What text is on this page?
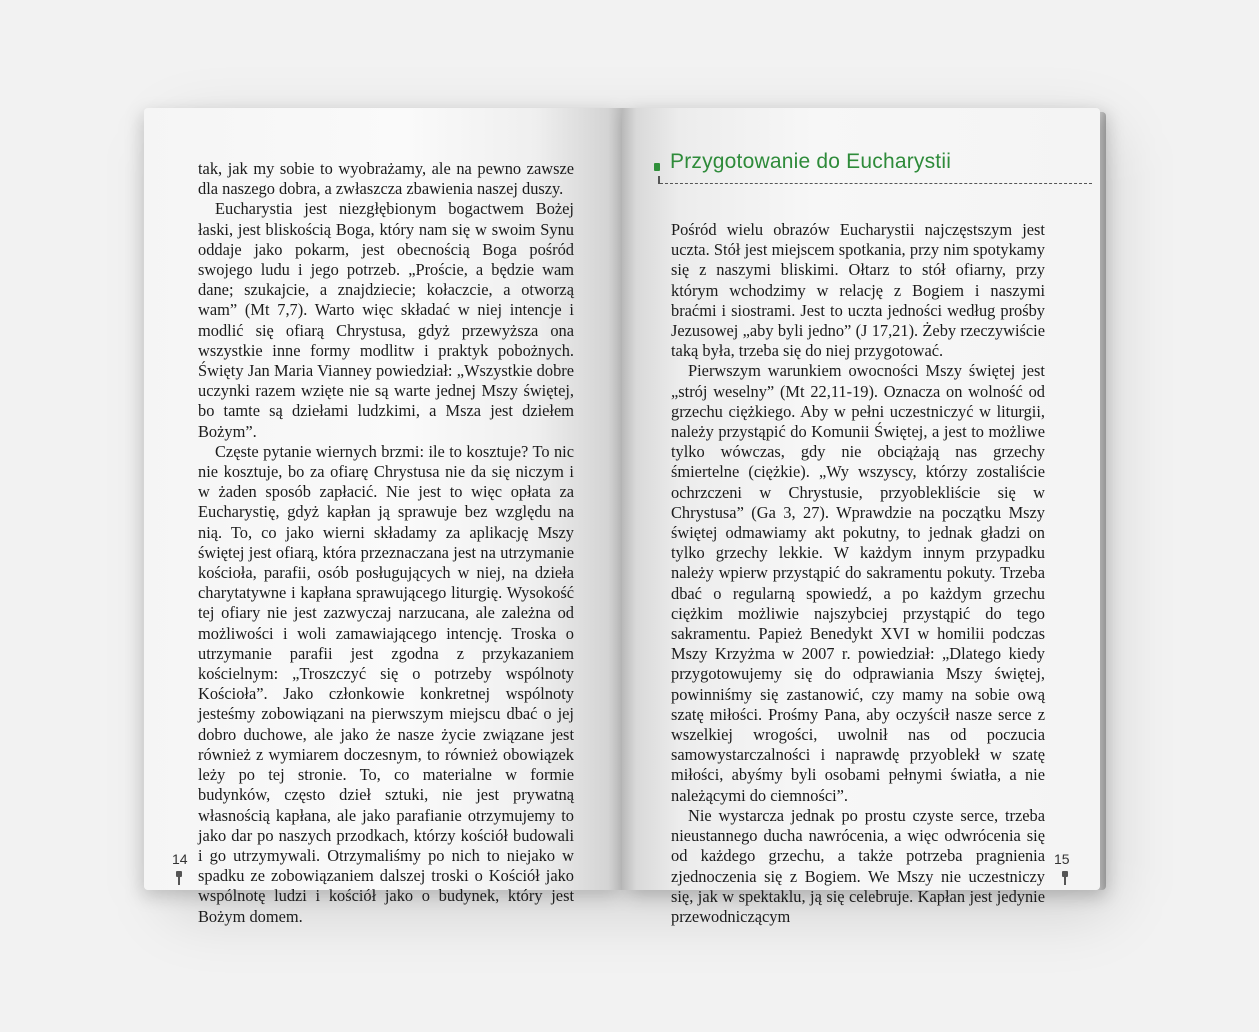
tak, jak my sobie to wyobrażamy, ale na pewno zawsze dla naszego dobra, a zwłaszcza zbawienia naszej duszy.

Eucharystia jest niezgłębionym bogactwem Bożej łaski, jest bliskością Boga, który nam się w swoim Synu oddaje jako pokarm, jest obecnością Boga pośród swojego ludu i jego potrzeb. „Proście, a będzie wam dane; szukajcie, a znajdziecie; kołaczcie, a otworzą wam” (Mt 7,7). Warto więc składać w niej intencje i modlić się ofiarą Chrystusa, gdyż przewyższa ona wszystkie inne formy modlitw i praktyk pobożnych. Święty Jan Maria Vianney powiedział: „Wszystkie dobre uczynki razem wzięte nie są warte jednej Mszy świętej, bo tamte są dziełami ludzkimi, a Msza jest dziełem Bożym”.

Częste pytanie wiernych brzmi: ile to kosztuje? To nic nie kosztuje, bo za ofiarę Chrystusa nie da się niczym i w żaden sposób zapłacić. Nie jest to więc opłata za Eucharystię, gdyż kapłan ją sprawuje bez względu na nią. To, co jako wierni składamy za aplikację Mszy świętej jest ofiarą, która przeznaczana jest na utrzymanie kościoła, parafii, osób posługujących w niej, na dzieła charytatywne i kapłana sprawującego liturgię. Wysokość tej ofiary nie jest zazwyczaj narzucana, ale zależna od możliwości i woli zamawiającego intencję. Troska o utrzymanie parafii jest zgodna z przykazaniem kościelnym: „Troszczyć się o potrzeby wspólnoty Kościoła”. Jako członkowie konkretnej wspólnoty jesteśmy zobowiązani na pierwszym miejscu dbać o jej dobro duchowe, ale jako że nasze życie związane jest również z wymiarem doczesnym, to również obowiązek leży po tej stronie. To, co materialne w formie budynków, często dzieł sztuki, nie jest prywatną własnością kapłana, ale jako parafianie otrzymujemy to jako dar po naszych przodkach, którzy kościół budowali i go utrzymywali. Otrzymaliśmy po nich to niejako w spadku ze zobowiązaniem dalszej troski o Kościół jako wspólnotę ludzi i kościół jako o budynek, który jest Bożym domem.

14
Przygotowanie do Eucharystii

Pośród wielu obrazów Eucharystii najczęstszym jest uczta. Stół jest miejscem spotkania, przy nim spotykamy się z naszymi bliskimi. Ołtarz to stół ofiarny, przy którym wchodzimy w relację z Bogiem i naszymi braćmi i siostrami. Jest to uczta jedności według prośby Jezusowej „aby byli jedno” (J 17,21). Żeby rzeczywiście taką była, trzeba się do niej przygotować.

Pierwszym warunkiem owocności Mszy świętej jest „strój weselny” (Mt 22,11-19). Oznacza on wolność od grzechu ciężkiego. Aby w pełni uczestniczyć w liturgii, należy przystąpić do Komunii Świętej, a jest to możliwe tylko wówczas, gdy nie obciążają nas grzechy śmiertelne (ciężkie). „Wy wszyscy, którzy zostaliście ochrzczeni w Chrystusie, przyoblekliście się w Chrystusa” (Ga 3, 27). Wprawdzie na początku Mszy świętej odmawiamy akt pokutny, to jednak gładzi on tylko grzechy lekkie. W każdym innym przypadku należy wpierw przystąpić do sakramentu pokuty. Trzeba dbać o regularną spowiedź, a po każdym grzechu ciężkim możliwie najszybciej przystąpić do tego sakramentu. Papież Benedykt XVI w homilii podczas Mszy Krzyżma w 2007 r. powiedział: „Dlatego kiedy przygotowujemy się do odprawiania Mszy świętej, powinniśmy się zastanowić, czy mamy na sobie ową szatę miłości. Prośmy Pana, aby oczyścił nasze serce z wszelkiej wrogości, uwolnił nas od poczucia samowystarczalności i naprawdę przyoblekł w szatę miłości, abyśmy byli osobami pełnymi światła, a nie należącymi do ciemności”.

Nie wystarcza jednak po prostu czyste serce, trzeba nieustannego ducha nawrócenia, a więc odwrócenia się od każdego grzechu, a także potrzeba pragnienia zjednoczenia się z Bogiem. We Mszy nie uczestniczy się, jak w spektaklu, ją się celebruje. Kapłan jest jedynie przewodniczącym

15
